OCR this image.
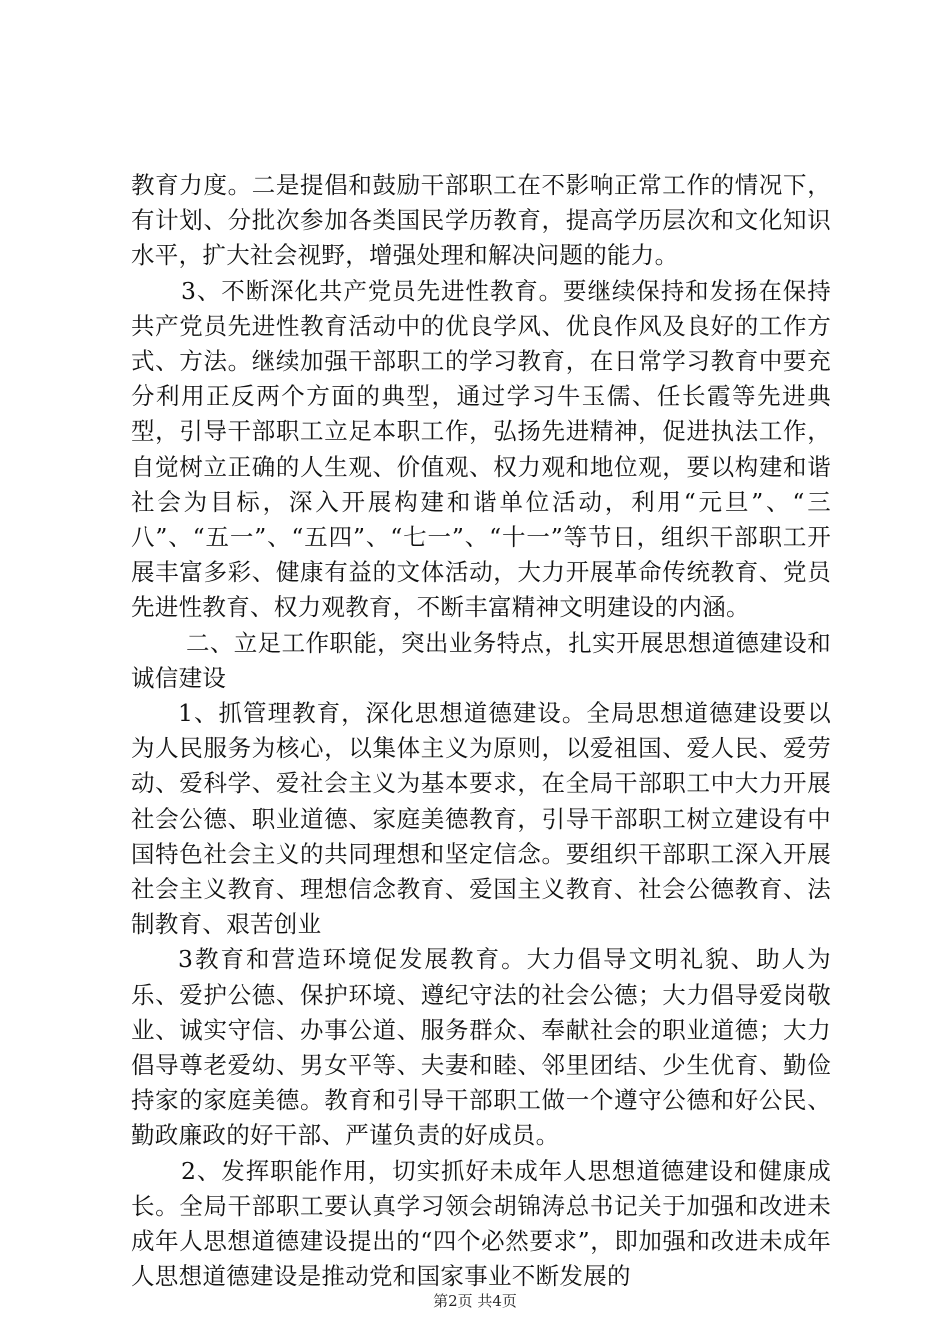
教育力度。二是提倡和鼓励干部职工在不影响正常工作的情况下，有计划、分批次参加各类国民学历教育，提高学历层次和文化知识水平，扩大社会视野，增强处理和解决问题的能力。

3、不断深化共产党员先进性教育。要继续保持和发扬在保持共产党员先进性教育活动中的优良学风、优良作风及良好的工作方式、方法。继续加强干部职工的学习教育，在日常学习教育中要充分利用正反两个方面的典型，通过学习牛玉儒、任长霞等先进典型，引导干部职工立足本职工作，弘扬先进精神，促进执法工作，自觉树立正确的人生观、价值观、权力观和地位观，要以构建和谐社会为目标，深入开展构建和谐单位活动，利用“元旦”、“三八”、“五一”、“五四”、“七一”、“十一”等节日，组织干部职工开展丰富多彩、健康有益的文体活动，大力开展革命传统教育、党员先进性教育、权力观教育，不断丰富精神文明建设的内涵。

二、立足工作职能，突出业务特点，扎实开展思想道德建设和诚信建设

1、抓管理教育，深化思想道德建设。全局思想道德建设要以为人民服务为核心，以集体主义为原则，以爱祖国、爱人民、爱劳动、爱科学、爱社会主义为基本要求，在全局干部职工中大力开展社会公德、职业道德、家庭美德教育，引导干部职工树立建设有中国特色社会主义的共同理想和坚定信念。要组织干部职工深入开展社会主义教育、理想信念教育、爱国主义教育、社会公德教育、法制教育、艰苦创业

3教育和营造环境促发展教育。大力倡导文明礼貌、助人为乐、爱护公德、保护环境、遵纪守法的社会公德；大力倡导爱岗敬业、诚实守信、办事公道、服务群众、奉献社会的职业道德；大力倡导尊老爱幼、男女平等、夫妻和睦、邻里团结、少生优育、勤俭持家的家庭美德。教育和引导干部职工做一个遵守公德和好公民、勤政廉政的好干部、严谨负责的好成员。

2、发挥职能作用，切实抓好未成年人思想道德建设和健康成长。全局干部职工要认真学习领会胡锦涛总书记关于加强和改进未成年人思想道德建设提出的“四个必然要求”，即加强和改进未成年人思想道德建设是推动党和国家事业不断发展的

第2页 共4页
